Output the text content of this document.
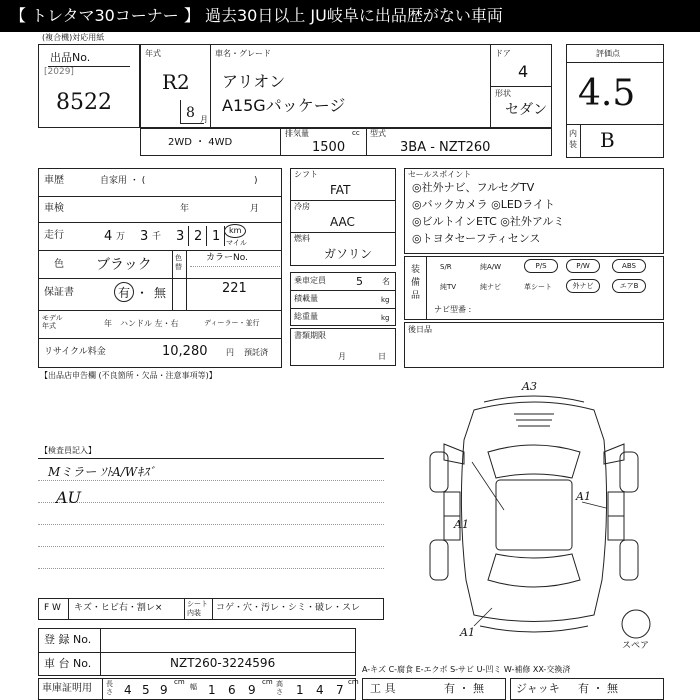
【 トレタマ30コーナー 】 過去30日以上 JU岐阜に出品歴がない車両
(複合機)対応用紙
出品No.
[2029]
8522
年式
R2
8 月
車名・グレード
アリオン
A15Gパッケージ
ドア
4
形状
セダン
評価点
4.5
内装 B
2WD ・ 4WD
排気量	cc
1500
型式
3BA - NZT260
車歴	自家用 ・ (	)
車検	年	月
走行	4 万 3 千 3 2 1 km
マイル
色 ブラック	色替
カラーNo.
221
保証書	有・無
モデル年式	年 ハンドル 左・右	ディーラー・並行
リサイクル料金	10,280 円 預託済
シフト
FAT
冷房
AAC
燃料
ガソリン
乗車定員	5 名
積載量	kg
総重量	kg
書類期限
月	日
セールスポイント
◎社外ナビ、フルセグTV
◎バックカメラ ◎LEDライト
◎ビルトインETC ◎社外アルミ
◎トヨタセーフティセンス
装備品
S/R	純A/W	P/S	P/W	ABS
純TV	純ナビ	革シート	外ナビ	エアB
ナビ型番 :
後日品
【出品店申告欄 (不良箇所・欠品・注意事項等)】
【検査員記入】
Mミラー ｿﾄA/Wｷｽﾞ
AU
F W キズ・ヒビ右・割レ×	シート内装	コゲ・穴・汚レ・シミ・破レ・スレ
登 録 No.
車 台 No.	NZT260-3224596	A-キズ C-腐食 E-エクボ S-サビ U-凹ミ W-補修 XX-交換済
車庫証明用 長さ 4 5 9
cm
幅 1 6 9
cm 高さ 1 4 7
cm 工 具	有 ・ 無	ジャッキ 有 ・ 無
A3
A1
A1
A1
スペア
